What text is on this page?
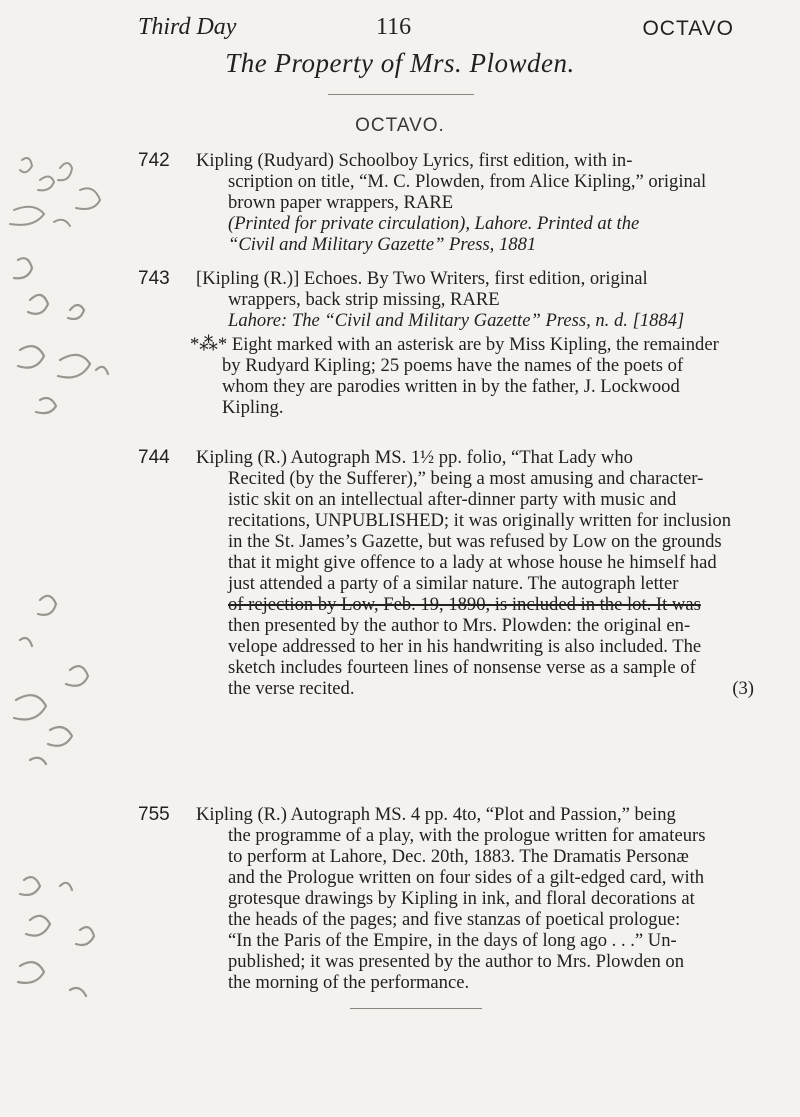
Third Day	116	OCTAVO
The Property of Mrs. Plowden.
OCTAVO.
742 Kipling (Rudyard) Schoolboy Lyrics, first edition, with in-
scription on title, “M. C. Plowden, from Alice Kipling,” original
brown paper wrappers, RARE
(Printed for private circulation), Lahore. Printed at the
“Civil and Military Gazette” Press, 1881
743 [Kipling (R.)] Echoes. By Two Writers, first edition, original
wrappers, back strip missing, RARE
Lahore: The “Civil and Military Gazette” Press, n. d. [1884]
*⁂* Eight marked with an asterisk are by Miss Kipling, the remainder
by Rudyard Kipling; 25 poems have the names of the poets of
whom they are parodies written in by the father, J. Lockwood
Kipling.
744 Kipling (R.) Autograph MS. 1½ pp. folio, “That Lady who
Recited (by the Sufferer),” being a most amusing and character-
istic skit on an intellectual after-dinner party with music and
recitations, UNPUBLISHED; it was originally written for inclusion
in the St. James’s Gazette, but was refused by Low on the grounds
that it might give offence to a lady at whose house he himself had
just attended a party of a similar nature. The autograph letter
of rejection by Low, Feb. 19, 1890, is included in the lot. It was
then presented by the author to Mrs. Plowden: the original en-
velope addressed to her in his handwriting is also included. The
sketch includes fourteen lines of nonsense verse as a sample of
the verse recited.	(3)
755 Kipling (R.) Autograph MS. 4 pp. 4to, “Plot and Passion,” being
the programme of a play, with the prologue written for amateurs
to perform at Lahore, Dec. 20th, 1883. The Dramatis Personæ
and the Prologue written on four sides of a gilt-edged card, with
grotesque drawings by Kipling in ink, and floral decorations at
the heads of the pages; and five stanzas of poetical prologue:
“In the Paris of the Empire, in the days of long ago . . .” Un-
published; it was presented by the author to Mrs. Plowden on
the morning of the performance.
